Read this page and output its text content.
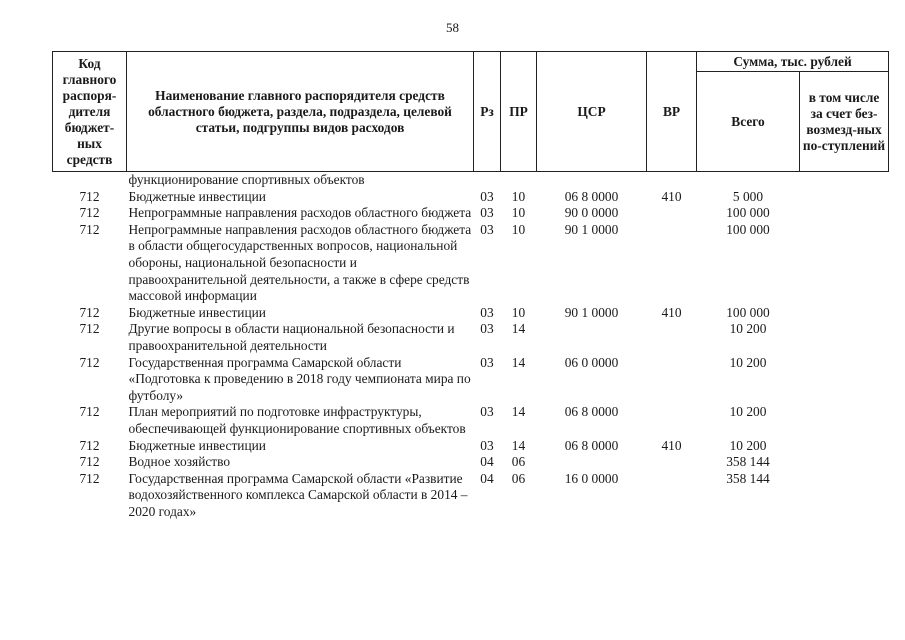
58
Код главного распоря-дителя бюджет-ных средств	Наименование главного распорядителя средств областного бюджета, раздела, подраздела, целевой статьи, подгруппы видов расходов	Рз	ПР	ЦСР	ВР	Сумма, тыс. рублей	
						Всего	в том числе за счет без-возмезд-ных по-ступлений
	функционирование спортивных объектов						
712	Бюджетные инвестиции	03	10	06 8 0000	410	5 000	
712	Непрограммные направления расходов областного бюджета	03	10	90 0 0000		100 000	
712	Непрограммные направления расходов областного бюджета в области общегосударственных вопросов, национальной обороны, национальной безопасности и правоохранительной деятельности, а также в сфере средств массовой информации	03	10	90 1 0000		100 000	
712	Бюджетные инвестиции	03	10	90 1 0000	410	100 000	
712	Другие вопросы в области национальной безопасности и правоохранительной деятельности	03	14			10 200	
712	Государственная программа Самарской области «Подготовка к проведению в 2018 году чемпионата мира по футболу»	03	14	06 0 0000		10 200	
712	План мероприятий по подготовке инфраструктуры, обеспечивающей функционирование спортивных объектов	03	14	06 8 0000		10 200	
712	Бюджетные инвестиции	03	14	06 8 0000	410	10 200	
712	Водное хозяйство	04	06			358 144	
712	Государственная программа Самарской области «Развитие водохозяйственного комплекса Самарской области в 2014 – 2020 годах»	04	06	16 0 0000		358 144	
